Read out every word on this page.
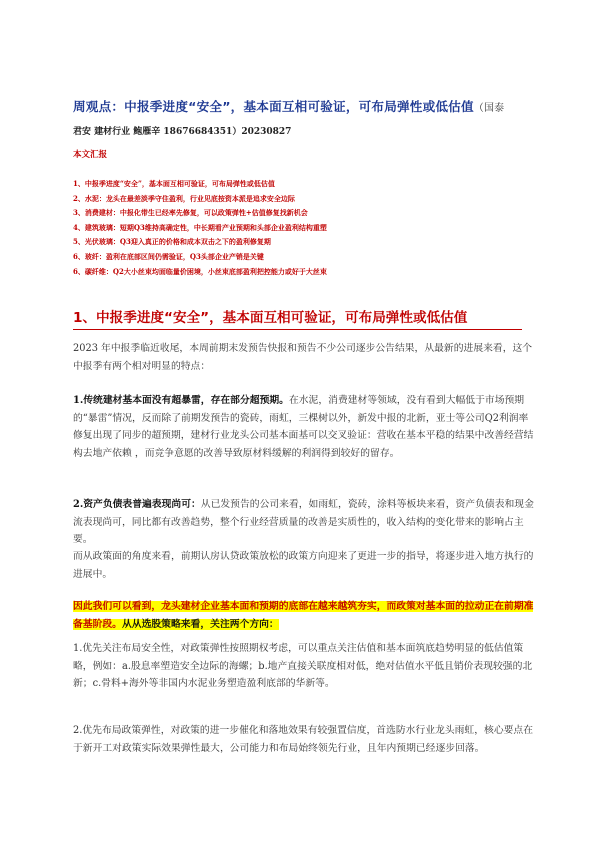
周观点：中报季进度“安全”，基本面互相可验证，可布局弹性或低估值（国泰
君安 建材行业 鲍雁辛 18676684351）20230827
本文汇报
1、中报季进度“安全”，基本面互相可验证，可布局弹性或低估值
2、水泥：龙头在最差淡季守住盈利，行业见底按资本派是追求安全边际
3、消费建材：中报化带生已经率先修复，可以政策弹性+估值修复找新机会
4、建筑玻璃：短期Q3维持高确定性，中长期看产业预期和头部企业盈利结构重塑
5、光伏玻璃：Q3迎入真正的价格和成本双击之下的盈利修复期
6、玻纤：盈利在底部区间仍需验证，Q3头部企业产销是关键
6、碳纤维：Q2大小丝束均面临量价困境，小丝束底部盈利把控能力或好于大丝束
1、中报季进度“安全”，基本面互相可验证，可布局弹性或低估值

2023 年中报季临近收尾，本周前期末发预告快报和预告不少公司逐步公告结果，从最新的进展来看，这个中报季有两个相对明显的特点：

1.传统建材基本面没有超暴雷，存在部分超预期。在水泥，消费建材等领域，没有看到大幅低于市场预期的“暴雷”情况，反而除了前期发预告的瓷砖，雨虹，三棵树以外，新发中报的北新，亚士等公司Q2利润率修复出现了同步的超预期，建材行业龙头公司基本面基可以交叉验证：营收在基本平稳的结果中改善经营结构去地产依赖 ，而竞争意愿的改善导致原材料缓解的利润得到较好的留存。

2.资产负债表普遍表现尚可：从已发预告的公司来看，如雨虹，瓷砖，涂料等板块来看，资产负债表和现金流表现尚可，同比都有改善趋势，整个行业经营质量的改善是实质性的，收入结构的变化带来的影响占主要。

而从政策面的角度来看，前期认房认贷政策放松的政策方向迎来了更进一步的指导，将逐步进入地方执行的进展中。

因此我们可以看到，龙头建材企业基本面和预期的底部在越来越筑夯实，而政策对基本面的拉动正在前期准备基阶段。从从选股策略来看，关注两个方向：

1.优先关注布局安全性，对政策弹性按照期权考虑，可以重点关注估值和基本面筑底趋势明显的低估值策略，例如：a.股息率塑造安全边际的海螺；b.地产直接关联度相对低，绝对估值水平低且销价表现较强的北新；c.骨料+海外等非国内水泥业务塑造盈利底部的华新等。

2.优先布局政策弹性，对政策的进一步催化和落地效果有较强置信度，首选防水行业龙头雨虹，核心要点在于新开工对政策实际效果弹性最大，公司能力和布局始终领先行业，且年内预期已经逐步回落。
